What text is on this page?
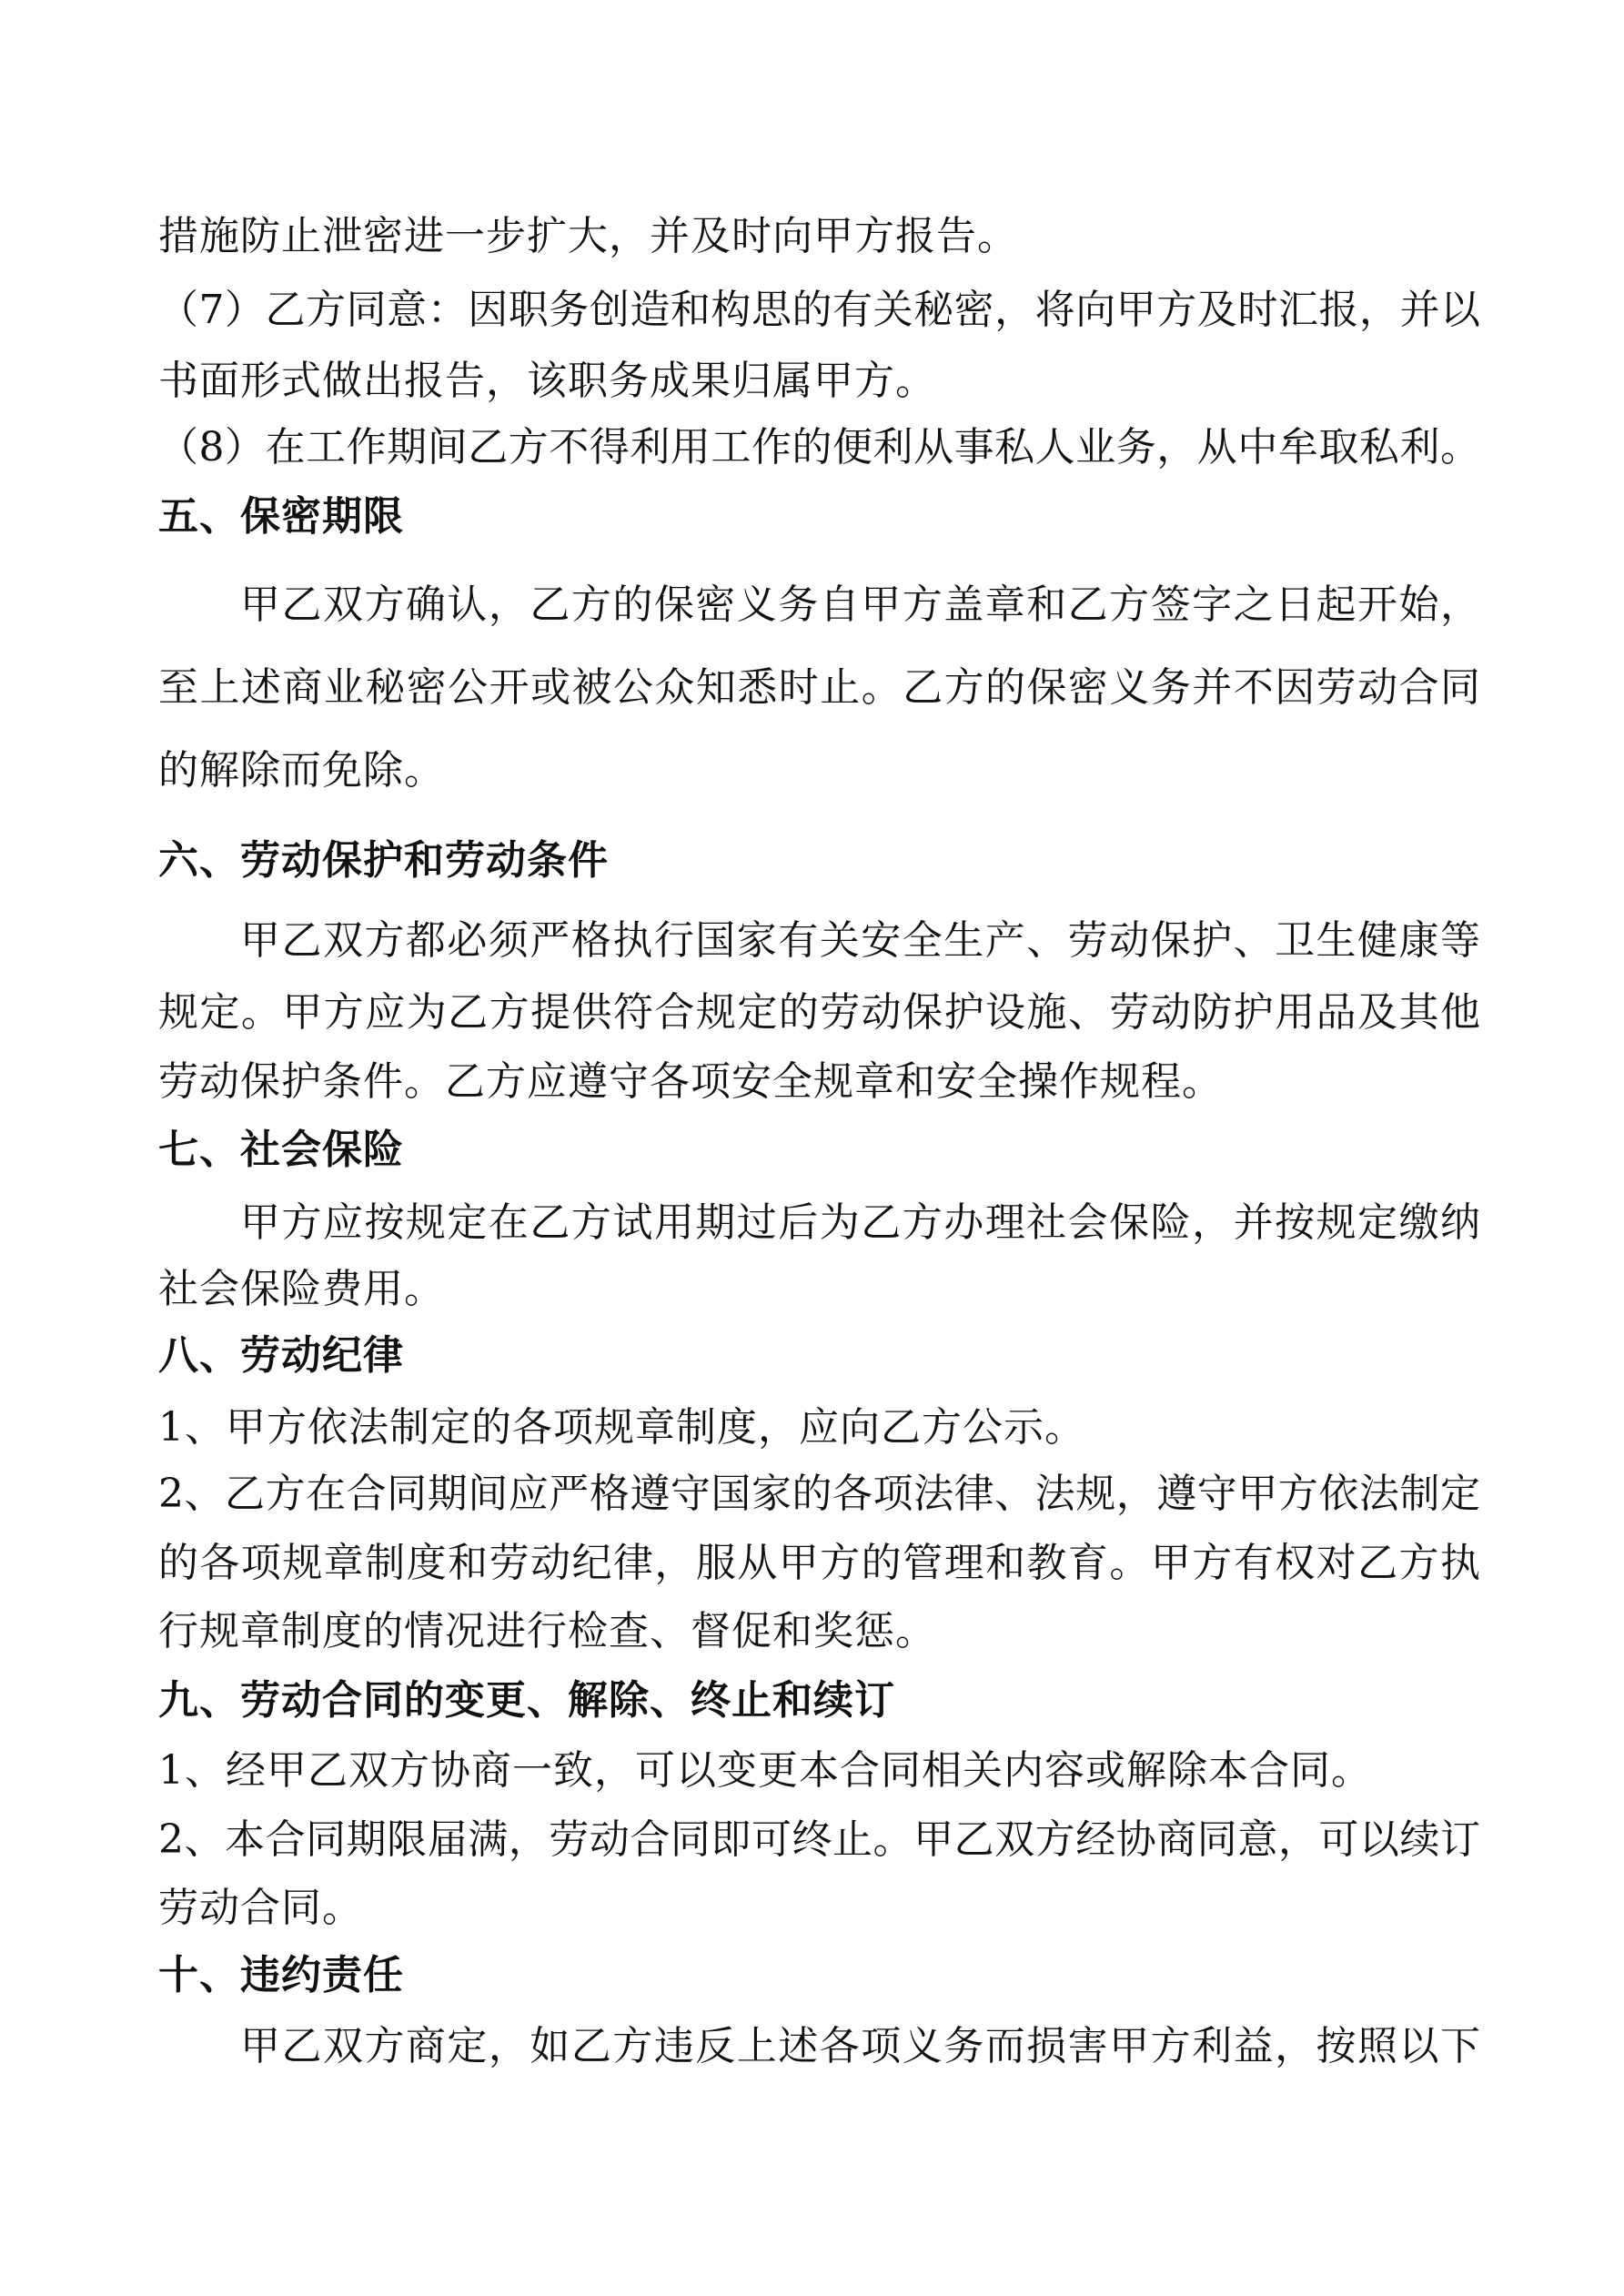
措施防止泄密进一步扩大，并及时向甲方报告。
（7）乙方同意：因职务创造和构思的有关秘密，将向甲方及时汇报，并以
书面形式做出报告，该职务成果归属甲方。
（8）在工作期间乙方不得利用工作的便利从事私人业务，从中牟取私利。
五、保密期限
甲乙双方确认，乙方的保密义务自甲方盖章和乙方签字之日起开始，
至上述商业秘密公开或被公众知悉时止。乙方的保密义务并不因劳动合同
的解除而免除。
六、劳动保护和劳动条件
甲乙双方都必须严格执行国家有关安全生产、劳动保护、卫生健康等
规定。甲方应为乙方提供符合规定的劳动保护设施、劳动防护用品及其他
劳动保护条件。乙方应遵守各项安全规章和安全操作规程。
七、社会保险
甲方应按规定在乙方试用期过后为乙方办理社会保险，并按规定缴纳
社会保险费用。
八、劳动纪律
1、甲方依法制定的各项规章制度，应向乙方公示。
2、乙方在合同期间应严格遵守国家的各项法律、法规，遵守甲方依法制定
的各项规章制度和劳动纪律，服从甲方的管理和教育。甲方有权对乙方执
行规章制度的情况进行检查、督促和奖惩。
九、劳动合同的变更、解除、终止和续订
1、经甲乙双方协商一致，可以变更本合同相关内容或解除本合同。
2、本合同期限届满，劳动合同即可终止。甲乙双方经协商同意，可以续订
劳动合同。
十、违约责任
甲乙双方商定，如乙方违反上述各项义务而损害甲方利益，按照以下
